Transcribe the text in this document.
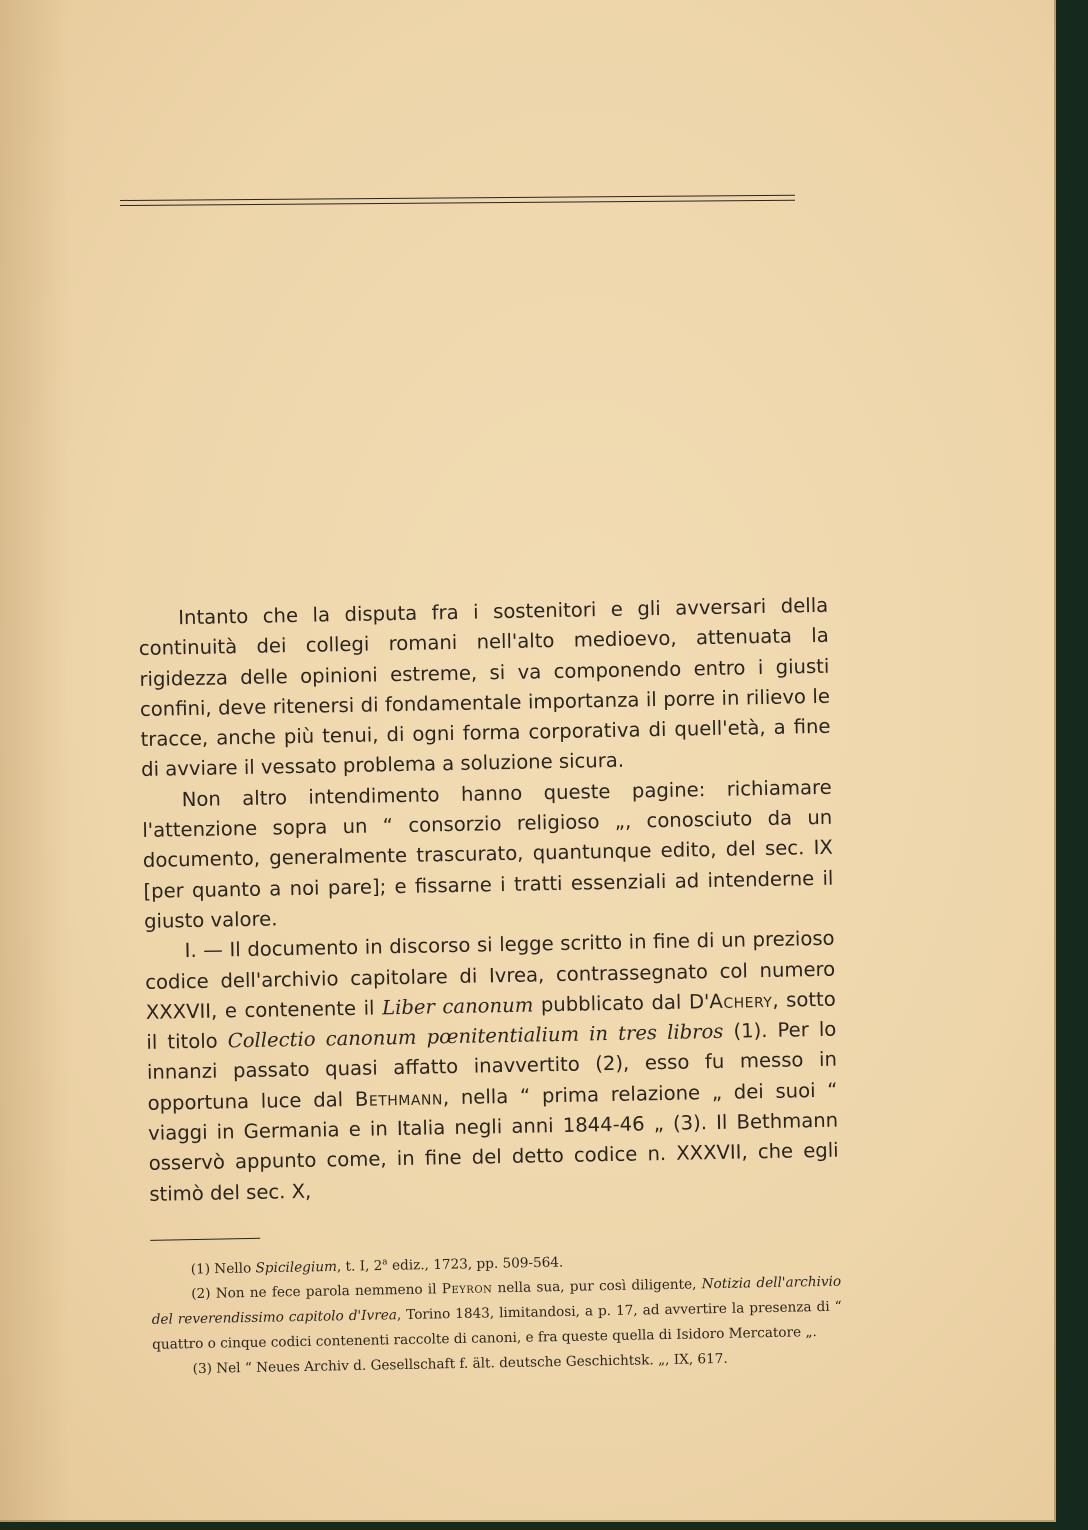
Intanto che la disputa fra i sostenitori e gli avversari della continuità dei collegi romani nell'alto medioevo, attenuata la rigidezza delle opinioni estreme, si va componendo entro i giusti confini, deve ritenersi di fondamentale importanza il porre in rilievo le tracce, anche più tenui, di ogni forma corporativa di quell'età, a fine di avviare il vessato problema a soluzione sicura.

Non altro intendimento hanno queste pagine: richiamare l'attenzione sopra un “ consorzio religioso „, conosciuto da un documento, generalmente trascurato, quantunque edito, del sec. IX [per quanto a noi pare]; e fissarne i tratti essenziali ad intenderne il giusto valore.

I. — Il documento in discorso si legge scritto in fine di un prezioso codice dell'archivio capitolare di Ivrea, contrassegnato col numero XXXVII, e contenente il Liber canonum pubblicato dal D'Achery, sotto il titolo Collectio canonum pœnitentialium in tres libros (1). Per lo innanzi passato quasi affatto inavvertito (2), esso fu messo in opportuna luce dal Bethmann, nella “ prima relazione „ dei suoi “ viaggi in Germania e in Italia negli anni 1844-46 „ (3). Il Bethmann osservò appunto come, in fine del detto codice n. XXXVII, che egli stimò del sec. X,

(1) Nello Spicilegium, t. I, 2$^a$ ediz., 1723, pp. 509-564.

(2) Non ne fece parola nemmeno il Peyron nella sua, pur così diligente, Notizia dell'archivio del reverendissimo capitolo d'Ivrea, Torino 1843, limitandosi, a p. 17, ad avvertire la presenza di “ quattro o cinque codici contenenti raccolte di canoni, e fra queste quella di Isidoro Mercatore „.

(3) Nel “ Neues Archiv d. Gesellschaft f. ält. deutsche Geschichtsk. „, IX, 617.
